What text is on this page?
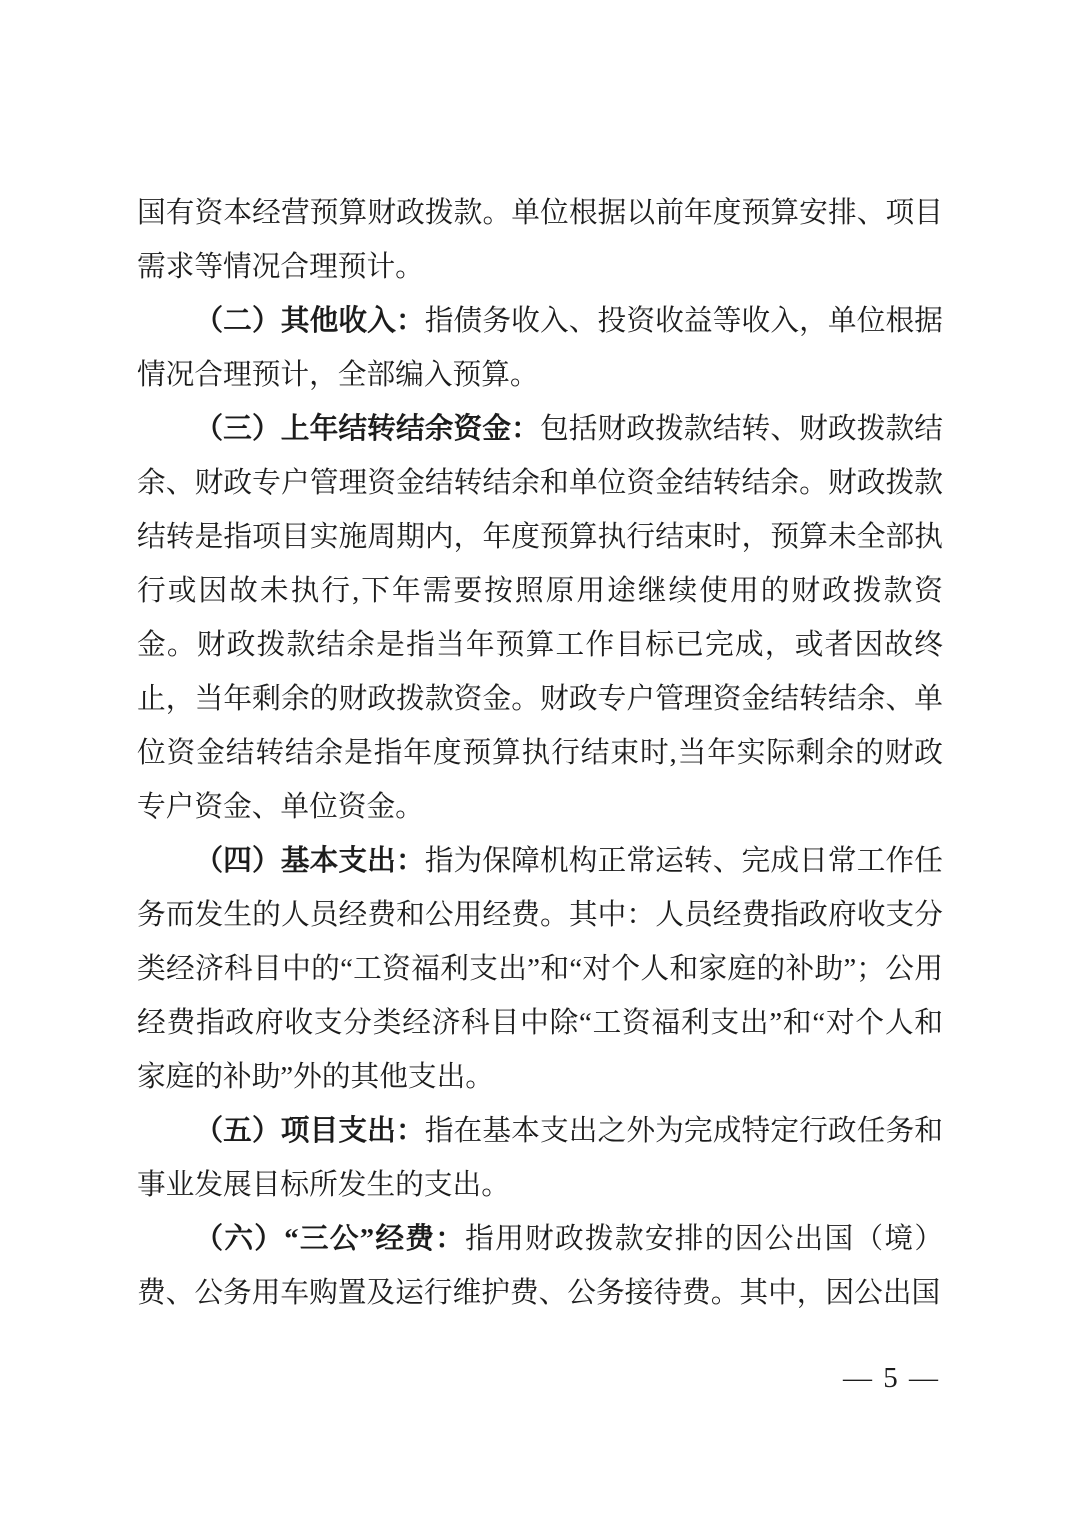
国有资本经营预算财政拨款。单位根据以前年度预算安排、项目需求等情况合理预计。

（二）其他收入：指债务收入、投资收益等收入，单位根据情况合理预计，全部编入预算。

（三）上年结转结余资金：包括财政拨款结转、财政拨款结余、财政专户管理资金结转结余和单位资金结转结余。财政拨款结转是指项目实施周期内，年度预算执行结束时，预算未全部执行或因故未执行,下年需要按照原用途继续使用的财政拨款资金。财政拨款结余是指当年预算工作目标已完成，或者因故终止，当年剩余的财政拨款资金。财政专户管理资金结转结余、单位资金结转结余是指年度预算执行结束时,当年实际剩余的财政专户资金、单位资金。

（四）基本支出：指为保障机构正常运转、完成日常工作任务而发生的人员经费和公用经费。其中：人员经费指政府收支分类经济科目中的“工资福利支出”和“对个人和家庭的补助”；公用经费指政府收支分类经济科目中除“工资福利支出”和“对个人和家庭的补助”外的其他支出。

（五）项目支出：指在基本支出之外为完成特定行政任务和事业发展目标所发生的支出。

（六）“三公”经费：指用财政拨款安排的因公出国（境）费、公务用车购置及运行维护费、公务接待费。其中，因公出国

— 5 —
